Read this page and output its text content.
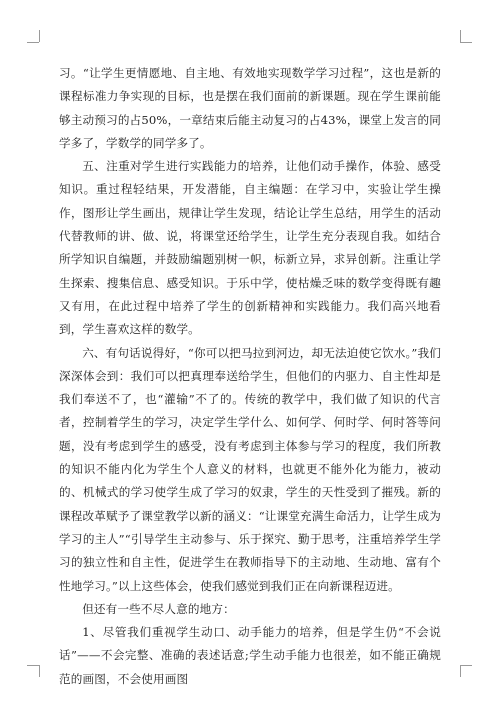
习。“让学生更情愿地、自主地、有效地实现数学学习过程”，这也是新的课程标准力争实现的目标，也是摆在我们面前的新课题。现在学生课前能够主动预习的占50%，一章结束后能主动复习的占43%，课堂上发言的同学多了，学数学的同学多了。

五、注重对学生进行实践能力的培养，让他们动手操作，体验、感受知识。重过程轻结果，开发潜能，自主编题：在学习中，实验让学生操作，图形让学生画出，规律让学生发现，结论让学生总结，用学生的活动代替教师的讲、做、说，将课堂还给学生，让学生充分表现自我。如结合所学知识自编题，并鼓励编题别树一帜，标新立异，求异创新。注重让学生探索、搜集信息、感受知识。于乐中学，使枯燥乏味的数学变得既有趣又有用，在此过程中培养了学生的创新精神和实践能力。我们高兴地看到，学生喜欢这样的数学。

六、有句话说得好，“你可以把马拉到河边，却无法迫使它饮水。”我们深深体会到：我们可以把真理奉送给学生，但他们的内驱力、自主性却是我们奉送不了，也“灌输”不了的。传统的教学中，我们做了知识的代言者，控制着学生的学习，决定学生学什么、如何学、何时学、何时答等问题，没有考虑到学生的感受，没有考虑到主体参与学习的程度，我们所教的知识不能内化为学生个人意义的材料，也就更不能外化为能力，被动的、机械式的学习使学生成了学习的奴隶，学生的天性受到了摧残。新的课程改革赋予了课堂教学以新的涵义：“让课堂充满生命活力，让学生成为学习的主人”“引导学生主动参与、乐于探究、勤于思考，注重培养学生学习的独立性和自主性，促进学生在教师指导下的主动地、生动地、富有个性地学习。”以上这些体会，使我们感觉到我们正在向新课程迈进。

但还有一些不尽人意的地方：

1、尽管我们重视学生动口、动手能力的培养，但是学生仍“不会说话”——不会完整、准确的表述话意;学生动手能力也很差，如不能正确规范的画图，不会使用画图
